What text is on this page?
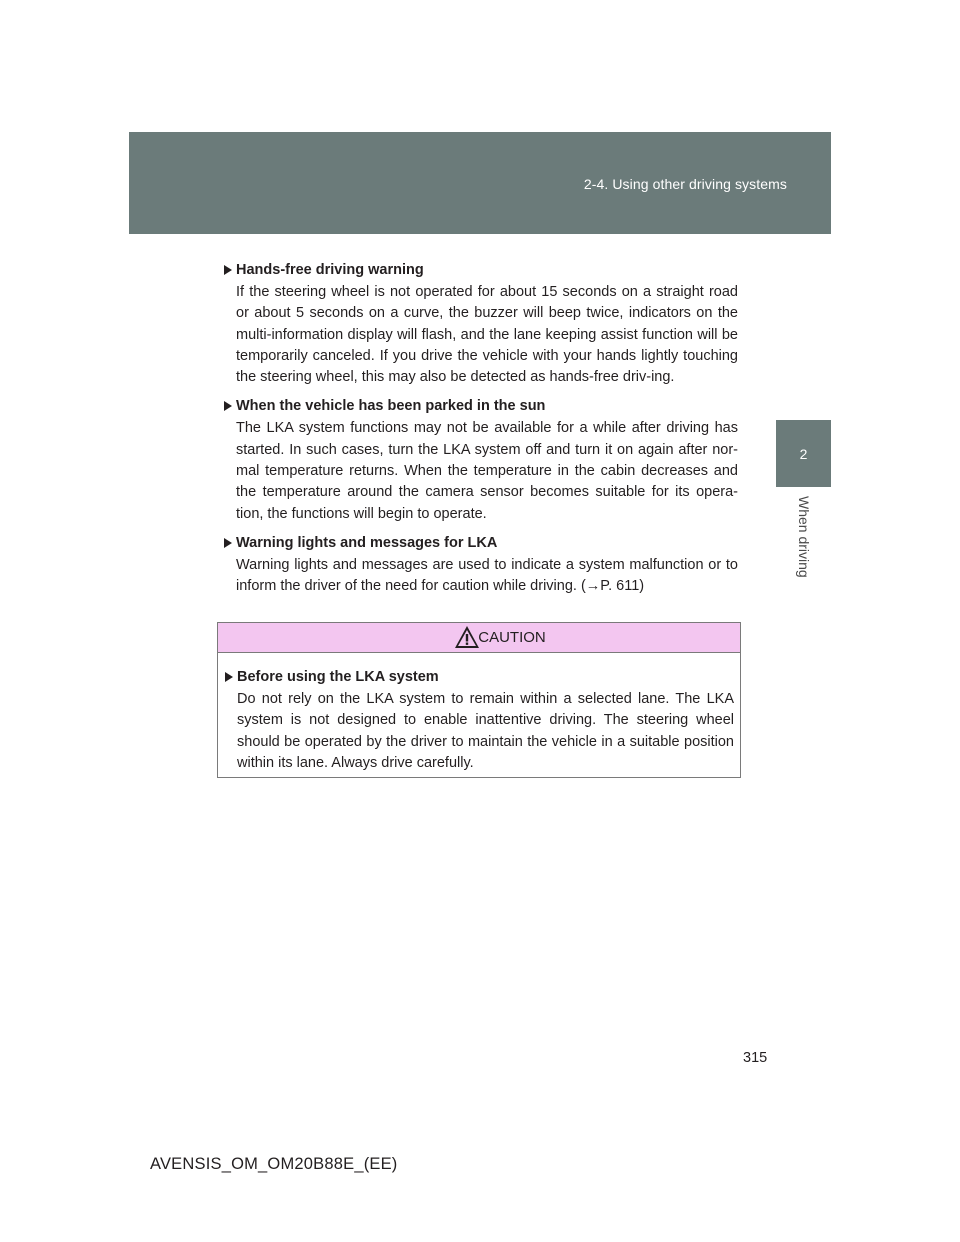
2-4. Using other driving systems
2
When driving
Hands-free driving warning

If the steering wheel is not operated for about 15 seconds on a straight road or about 5 seconds on a curve, the buzzer will beep twice, indicators on the multi-information display will flash, and the lane keeping assist function will be temporarily canceled. If you drive the vehicle with your hands lightly touching the steering wheel, this may also be detected as hands-free driv-ing.

When the vehicle has been parked in the sun

The LKA system functions may not be available for a while after driving has started. In such cases, turn the LKA system off and turn it on again after nor-mal temperature returns. When the temperature in the cabin decreases and the temperature around the camera sensor becomes suitable for its opera-tion, the functions will begin to operate.

Warning lights and messages for LKA

Warning lights and messages are used to indicate a system malfunction or to inform the driver of the need for caution while driving. (→P. 611)

CAUTION
Before using the LKA system

Do not rely on the LKA system to remain within a selected lane. The LKA system is not designed to enable inattentive driving. The steering wheel should be operated by the driver to maintain the vehicle in a suitable position within its lane. Always drive carefully.

315
AVENSIS_OM_OM20B88E_(EE)
